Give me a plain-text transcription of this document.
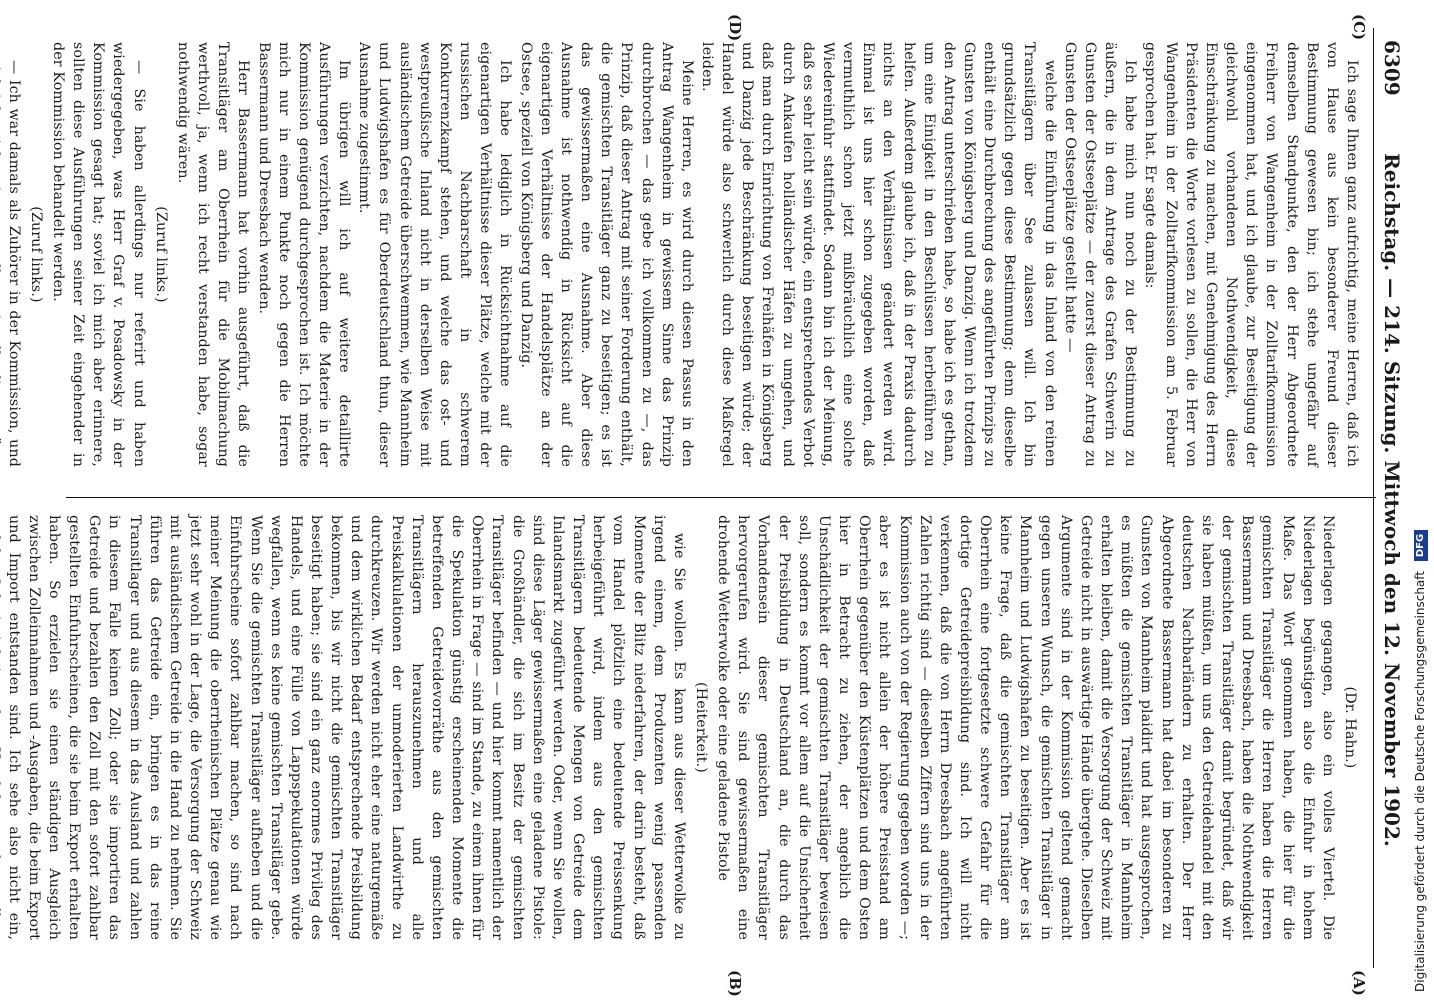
6309
Reichstag. — 214. Sitzung. Mittwoch den 12. November 1902.
(C)
(D)
(A)
(B)

Ich sage Ihnen ganz aufrichtig, meine Herren, daß ich von Hause aus kein besonderer Freund dieser Bestimmung gewesen bin; ich stehe ungefähr auf demselben Standpunkte, den der Herr Abgeordnete Freiherr von Wangenheim in der Zolltarifkommission eingenommen hat, und ich glaube, zur Beseitigung der gleichwohl vorhandenen Nothwendigkeit, diese Einschränkung zu machen, mit Genehmigung des Herrn Präsidenten die Worte vorlesen zu sollen, die Herr von Wangenheim in der Zolltarifkommission am 5. Februar gesprochen hat. Er sagte damals:

Ich habe mich nun noch zu der Bestimmung zu äußern, die in dem Antrage des Grafen Schwerin zu Gunsten der Ostseeplätze — der zuerst dieser Antrag zu Gunsten der Ostseeplätze gestellt hatte —

welche die Einführung in das Inland von den reinen Transitlägern über See zulassen will. Ich bin grundsätzlich gegen diese Bestimmung; denn dieselbe enthält eine Durchbrechung des angeführten Prinzips zu Gunsten von Königsberg und Danzig. Wenn ich trotzdem den Antrag unterschrieben habe, so habe ich es gethan, um eine Einigkeit in den Beschlüssen herbeiführen zu helfen. Außerdem glaube ich, daß in der Praxis dadurch nichts an den Verhältnissen geändert werden wird. Einmal ist uns hier schon zugegeben worden, daß vermuthlich schon jetzt mißbräuchlich eine solche Wiedereinfuhr stattfindet. Sodann bin ich der Meinung, daß es sehr leicht sein würde, ein entsprechendes Verbot durch Ankaufen holländischer Häfen zu umgehen, und daß man durch Einrichtung von Freihäfen in Königsberg und Danzig jede Beschränkung beseitigen würde; der Handel würde also schwerlich durch diese Maßregel leiden.

Meine Herren, es wird durch diesen Passus in den Antrag Wangenheim in gewissem Sinne das Prinzip durchbrochen — das gebe ich vollkommen zu —, das Prinzip, daß dieser Antrag mit seiner Forderung enthält, die gemischten Transitläger ganz zu beseitigen; es ist das gewissermaßen eine Ausnahme. Aber diese Ausnahme ist nothwendig in Rücksicht auf die eigenartigen Verhältnisse der Handelsplätze an der Ostsee, speziell von Königsberg und Danzig.

Ich habe lediglich in Rücksichtnahme auf die eigenartigen Verhältnisse dieser Plätze, welche mit der russischen Nachbarschaft in schwerem Konkurrenzkampf stehen, und welche das ost- und westpreußische Inland nicht in derselben Weise mit ausländischem Getreide überschwemmen, wie Mannheim und Ludwigshafen es für Oberdeutschland thun, dieser Ausnahme zugestimmt.

Im übrigen will ich auf weitere detaillirte Ausführungen verzichten, nachdem die Materie in der Kommission genügend durchgesprochen ist. Ich möchte mich nur in einem Punkte noch gegen die Herren Bassermann und Dreesbach wenden.

Herr Bassermann hat vorhin ausgeführt, daß die Transitläger am Oberrhein für die Mobilmachung werthvoll, ja, wenn ich recht verstanden habe, sogar nothwendig wären.

(Zuruf links.)

— Sie haben allerdings nur referirt und haben wiedergegeben, was Herr Graf v. Posadowsky in der Kommission gesagt hat; soviel ich mich aber erinnere, sollten diese Ausführungen seiner Zeit eingehender in der Kommission behandelt werden.

(Zuruf links.)

— Ich war damals als Zuhörer in der Kommission, und

(Dr. Hahn.)

Niederlagen gegangen, also ein volles Viertel. Die Niederlagen begünstigen also die Einfuhr in hohem Maße. Das Wort genommen haben, die hier für die gemischten Transitläger die Herren haben die Herren Bassermann und Dreesbach, haben die Nothwendigkeit der gemischten Transitläger damit begründet, daß wir sie haben müßten, um uns den Getreidehandel mit den deutschen Nachbarländern zu erhalten. Der Herr Abgeordnete Bassermann hat dabei im besonderen zu Gunsten von Mannheim plaidirt und hat ausgesprochen, es müßten die gemischten Transitläger in Mannheim erhalten bleiben, damit die Versorgung der Schweiz mit Getreide nicht in auswärtige Hände übergehe. Dieselben Argumente sind in der Kommission geltend gemacht gegen unseren Wunsch, die gemischten Transitläger in Mannheim und Ludwigshafen zu beseitigen. Aber es ist keine Frage, daß die gemischten Transitläger am Oberrhein eine fortgesetzte schwere Gefahr für die dortige Getreidepreisbildung sind. Ich will nicht verkennen, daß die von Herrn Dreesbach angeführten Zahlen richtig sind — dieselben Ziffern sind uns in der Kommission auch von der Regierung gegeben worden —; aber es ist nicht allein der höhere Preisstand am Oberrhein gegenüber den Küstenplätzen und dem Osten hier in Betracht zu ziehen, der angeblich die Unschädlichkeit der gemischten Transitläger beweisen soll, sondern es kommt vor allem auf die Unsicherheit der Preisbildung in Deutschland an, die durch das Vorhandensein dieser gemischten Transitläger hervorgerufen wird. Sie sind gewissermaßen eine drohende Wetterwolke oder eine geladene Pistole

(Heiterkeit.)

wie Sie wollen. Es kann aus dieser Wetterwolke zu irgend einem, dem Produzenten wenig passenden Momente der Blitz niederfahren, der darin besteht, daß vom Handel plötzlich eine bedeutende Preissenkung herbeigeführt wird, indem aus den gemischten Transitlägern bedeutende Mengen von Getreide dem Inlandsmarkt zugeführt werden. Oder, wenn Sie wollen, sind diese Läger gewissermaßen eine geladene Pistole: die Großhändler, die sich im Besitz der gemischten Transitläger befinden — und hier kommt namentlich der Oberrhein in Frage — sind im Stande, zu einem ihnen für die Spekulation günstig erscheinenden Momente die betreffenden Getreidevorräthe aus den gemischten Transitlägern herauszunehmen und alle Preiskalkulationen der unmoderierten Landwirthe zu durchkreuzen. Wir werden nicht eher eine naturgemäße und dem wirklichen Bedarf entsprechende Preisbildung bekommen, bis wir nicht die gemischten Transitläger beseitigt haben; sie sind ein ganz enormes Privileg des Handels, und eine Fülle von Lappspekulationen würde wegfallen, wenn es keine gemischten Transitläger gebe. Wenn Sie die gemischten Transitläger aufheben und die Einfuhrscheine sofort zahlbar machen, so sind nach meiner Meinung die oberrheinischen Plätze genau wie jetzt sehr wohl in der Lage, die Versorgung der Schweiz mit ausländischem Getreide in die Hand zu nehmen. Sie führen das Getreide ein, bringen es in das reine Transitlager und aus diesem in das Ausland und zahlen in diesem Falle keinen Zoll; oder sie importiren das Getreide und bezahlen den Zoll mit den sofort zahlbar gestellten Einfuhrscheinen, die sie beim Export erhalten haben. So erzielen sie einen ständigen Ausgleich zwischen Zolleinnahmen und -Ausgaben, die beim Export und Import entstanden sind. Ich sehe also nicht ein,	Digitalisierung gefördert durch die Deutsche Forschungsgemeinschaft DFG
